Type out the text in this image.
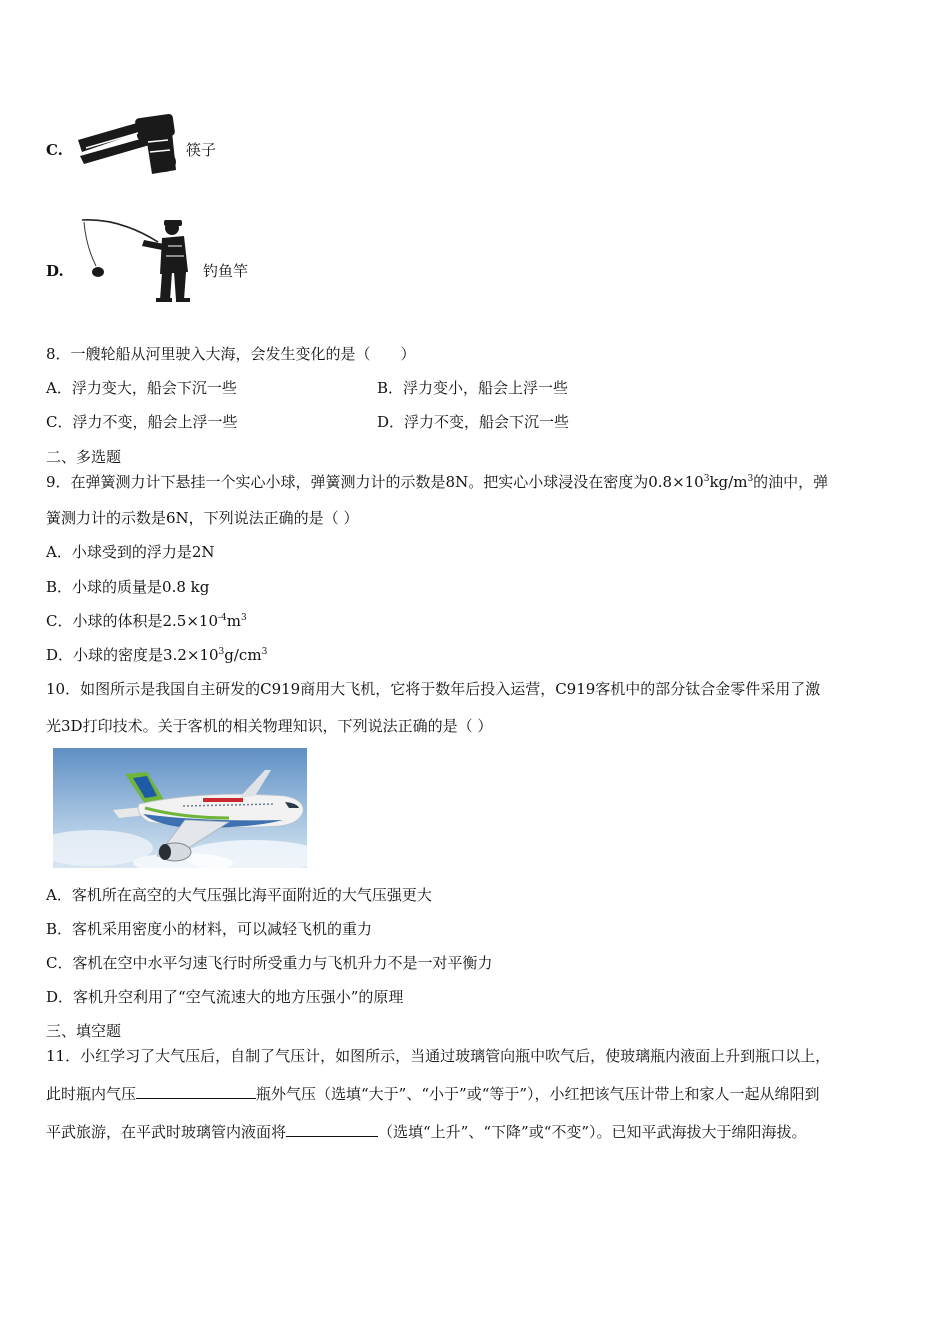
C.	筷子
D.	钓鱼竿
8．一艘轮船从河里驶入大海，会发生变化的是（　　）
A．浮力变大，船会下沉一些	B．浮力变小，船会上浮一些
C．浮力不变，船会上浮一些	D．浮力不变，船会下沉一些
二、多选题
9．在弹簧测力计下悬挂一个实心小球，弹簧测力计的示数是8N。把实心小球浸没在密度为$0.8\times 10^3kg/m^3$的油中，弹
簧测力计的示数是6N，下列说法正确的是（ ）
A．小球受到的浮力是2N
B．小球的质量是0.8 kg
C．小球的体积是$2.5\times 10^{-4}m^3$
D．小球的密度是$3.2\times 10^3g/cm^3$
10．如图所示是我国自主研发的C919商用大飞机，它将于数年后投入运营，C919客机中的部分钛合金零件采用了激
光3D打印技术。关于客机的相关物理知识，下列说法正确的是（ ）
A．客机所在高空的大气压强比海平面附近的大气压强更大
B．客机采用密度小的材料，可以减轻飞机的重力
C．客机在空中水平匀速飞行时所受重力与飞机升力不是一对平衡力
D．客机升空利用了“空气流速大的地方压强小”的原理
三、填空题
11．小红学习了大气压后，自制了气压计，如图所示，当通过玻璃管向瓶中吹气后，使玻璃瓶内液面上升到瓶口以上，
此时瓶内气压	瓶外气压（选填“大于”、“小于”或“等于”），小红把该气压计带上和家人一起从绵阳到
平武旅游，在平武时玻璃管内液面将	（选填“上升”、“下降”或“不变”）。已知平武海拔大于绵阳海拔。
